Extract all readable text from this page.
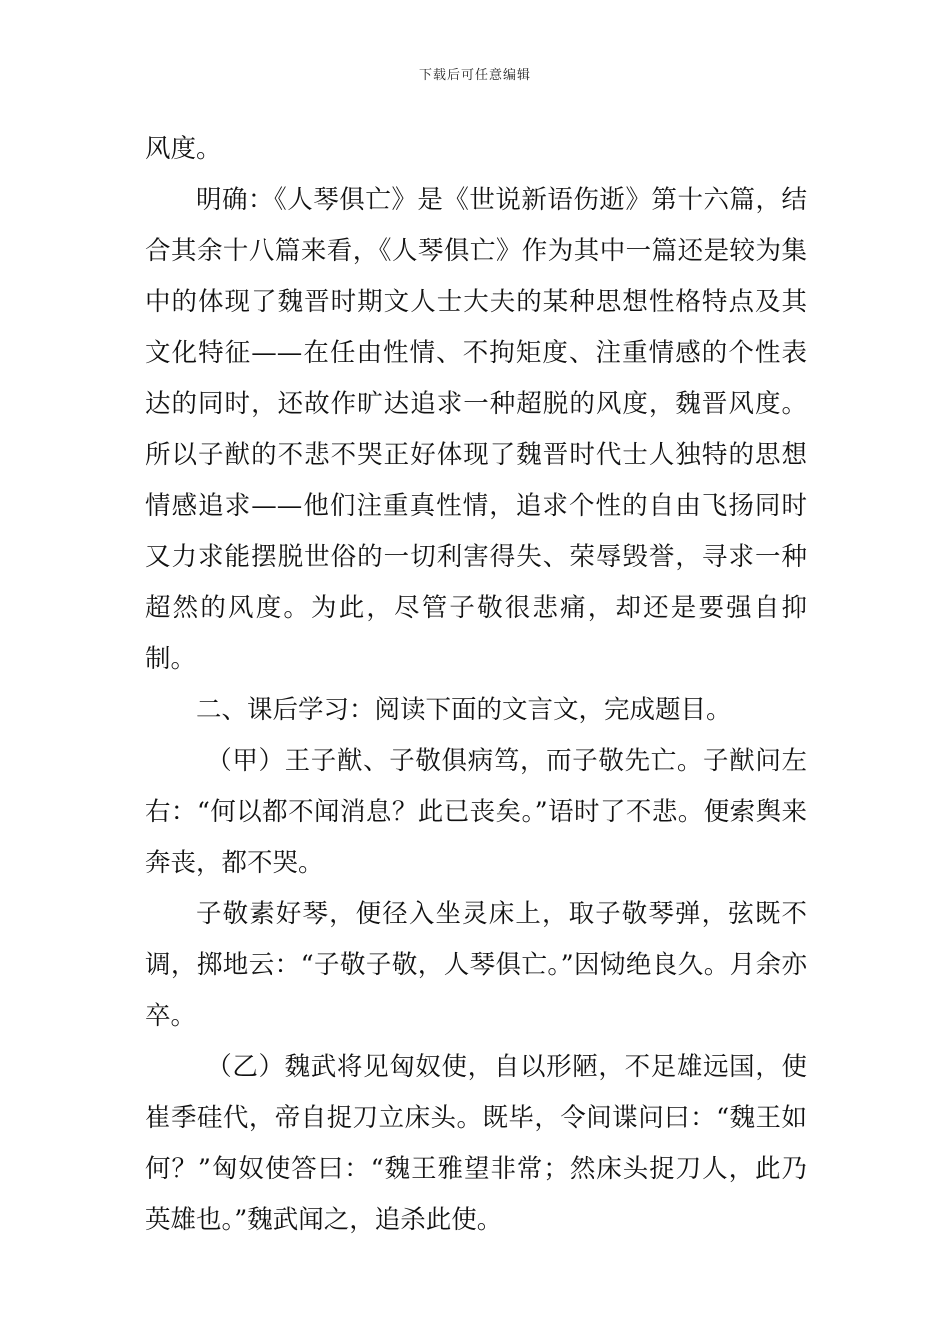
下载后可任意编辑

风度。

明确：《人琴俱亡》是《世说新语伤逝》第十六篇，结合其余十八篇来看，《人琴俱亡》作为其中一篇还是较为集中的体现了魏晋时期文人士大夫的某种思想性格特点及其文化特征——在任由性情、不拘矩度、注重情感的个性表达的同时，还故作旷达追求一种超脱的风度，魏晋风度。所以子猷的不悲不哭正好体现了魏晋时代士人独特的思想情感追求——他们注重真性情，追求个性的自由飞扬同时又力求能摆脱世俗的一切利害得失、荣辱毁誉，寻求一种超然的风度。为此，尽管子敬很悲痛，却还是要强自抑制。

二、课后学习：阅读下面的文言文，完成题目。

（甲）王子猷、子敬俱病笃，而子敬先亡。子猷问左右：“何以都不闻消息？此已丧矣。”语时了不悲。便索舆来奔丧，都不哭。

子敬素好琴，便径入坐灵床上，取子敬琴弹，弦既不调，掷地云：“子敬子敬，人琴俱亡。”因恸绝良久。月余亦卒。

（乙）魏武将见匈奴使，自以形陋，不足雄远国，使崔季硅代，帝自捉刀立床头。既毕，令间谍问曰：“魏王如何？”匈奴使答曰：“魏王雅望非常；然床头捉刀人，此乃英雄也。”魏武闻之，追杀此使。
